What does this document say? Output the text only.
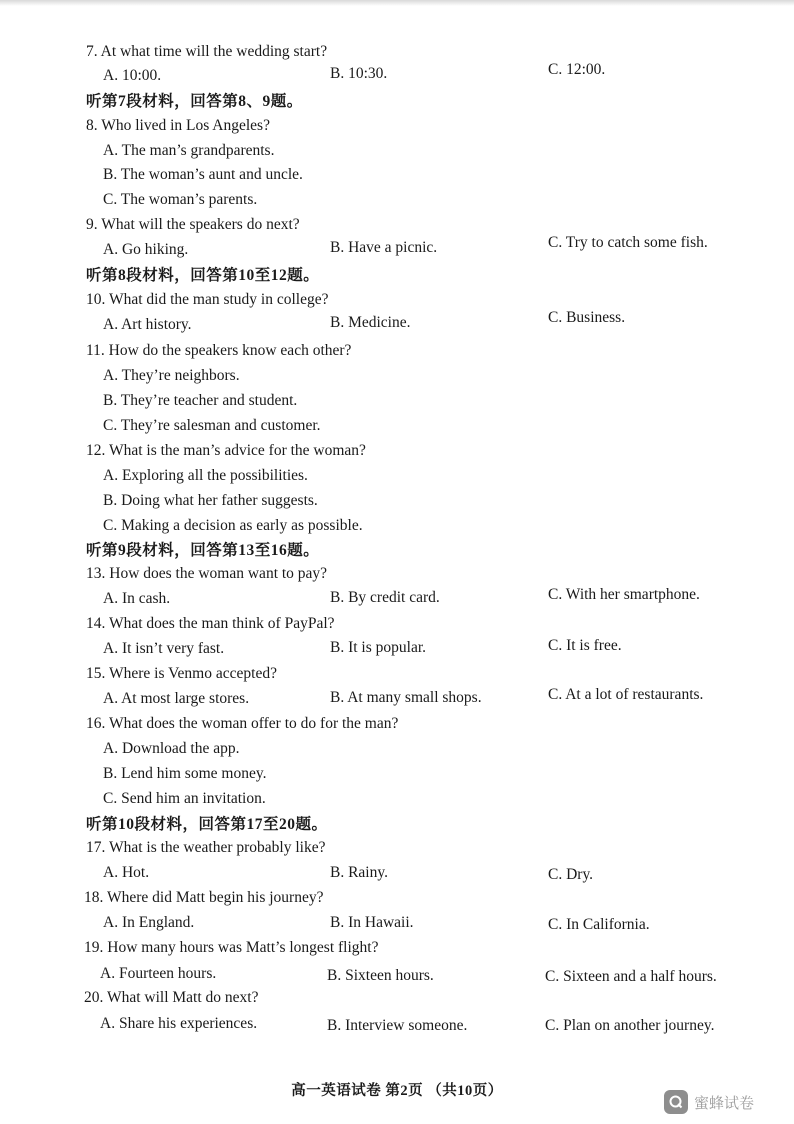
7. At what time will the wedding start?
A. 10:00.	B. 10:30.	C. 12:00.
听第7段材料，回答第8、9题。
8. Who lived in Los Angeles?
A. The man’s grandparents.
B. The woman’s aunt and uncle.
C. The woman’s parents.
9. What will the speakers do next?
A. Go hiking.	B. Have a picnic.	C. Try to catch some fish.
听第8段材料，回答第10至12题。
10. What did the man study in college?
A. Art history.	B. Medicine.	C. Business.
11. How do the speakers know each other?
A. They’re neighbors.
B. They’re teacher and student.
C. They’re salesman and customer.
12. What is the man’s advice for the woman?
A. Exploring all the possibilities.
B. Doing what her father suggests.
C. Making a decision as early as possible.
听第9段材料，回答第13至16题。
13. How does the woman want to pay?
A. In cash.	B. By credit card.	C. With her smartphone.
14. What does the man think of PayPal?
A. It isn’t very fast.	B. It is popular.	C. It is free.
15. Where is Venmo accepted?
A. At most large stores.	B. At many small shops.	C. At a lot of restaurants.
16. What does the woman offer to do for the man?
A. Download the app.
B. Lend him some money.
C. Send him an invitation.
听第10段材料，回答第17至20题。
17. What is the weather probably like?
A. Hot.	B. Rainy.	C. Dry.
18. Where did Matt begin his journey?
A. In England.	B. In Hawaii.	C. In California.
19. How many hours was Matt’s longest flight?
A. Fourteen hours.	B. Sixteen hours.	C. Sixteen and a half hours.
20. What will Matt do next?
A. Share his experiences.	B. Interview someone.	C. Plan on another journey.
高一英语试卷 第2页 （共10页）
蜜蜂试卷
